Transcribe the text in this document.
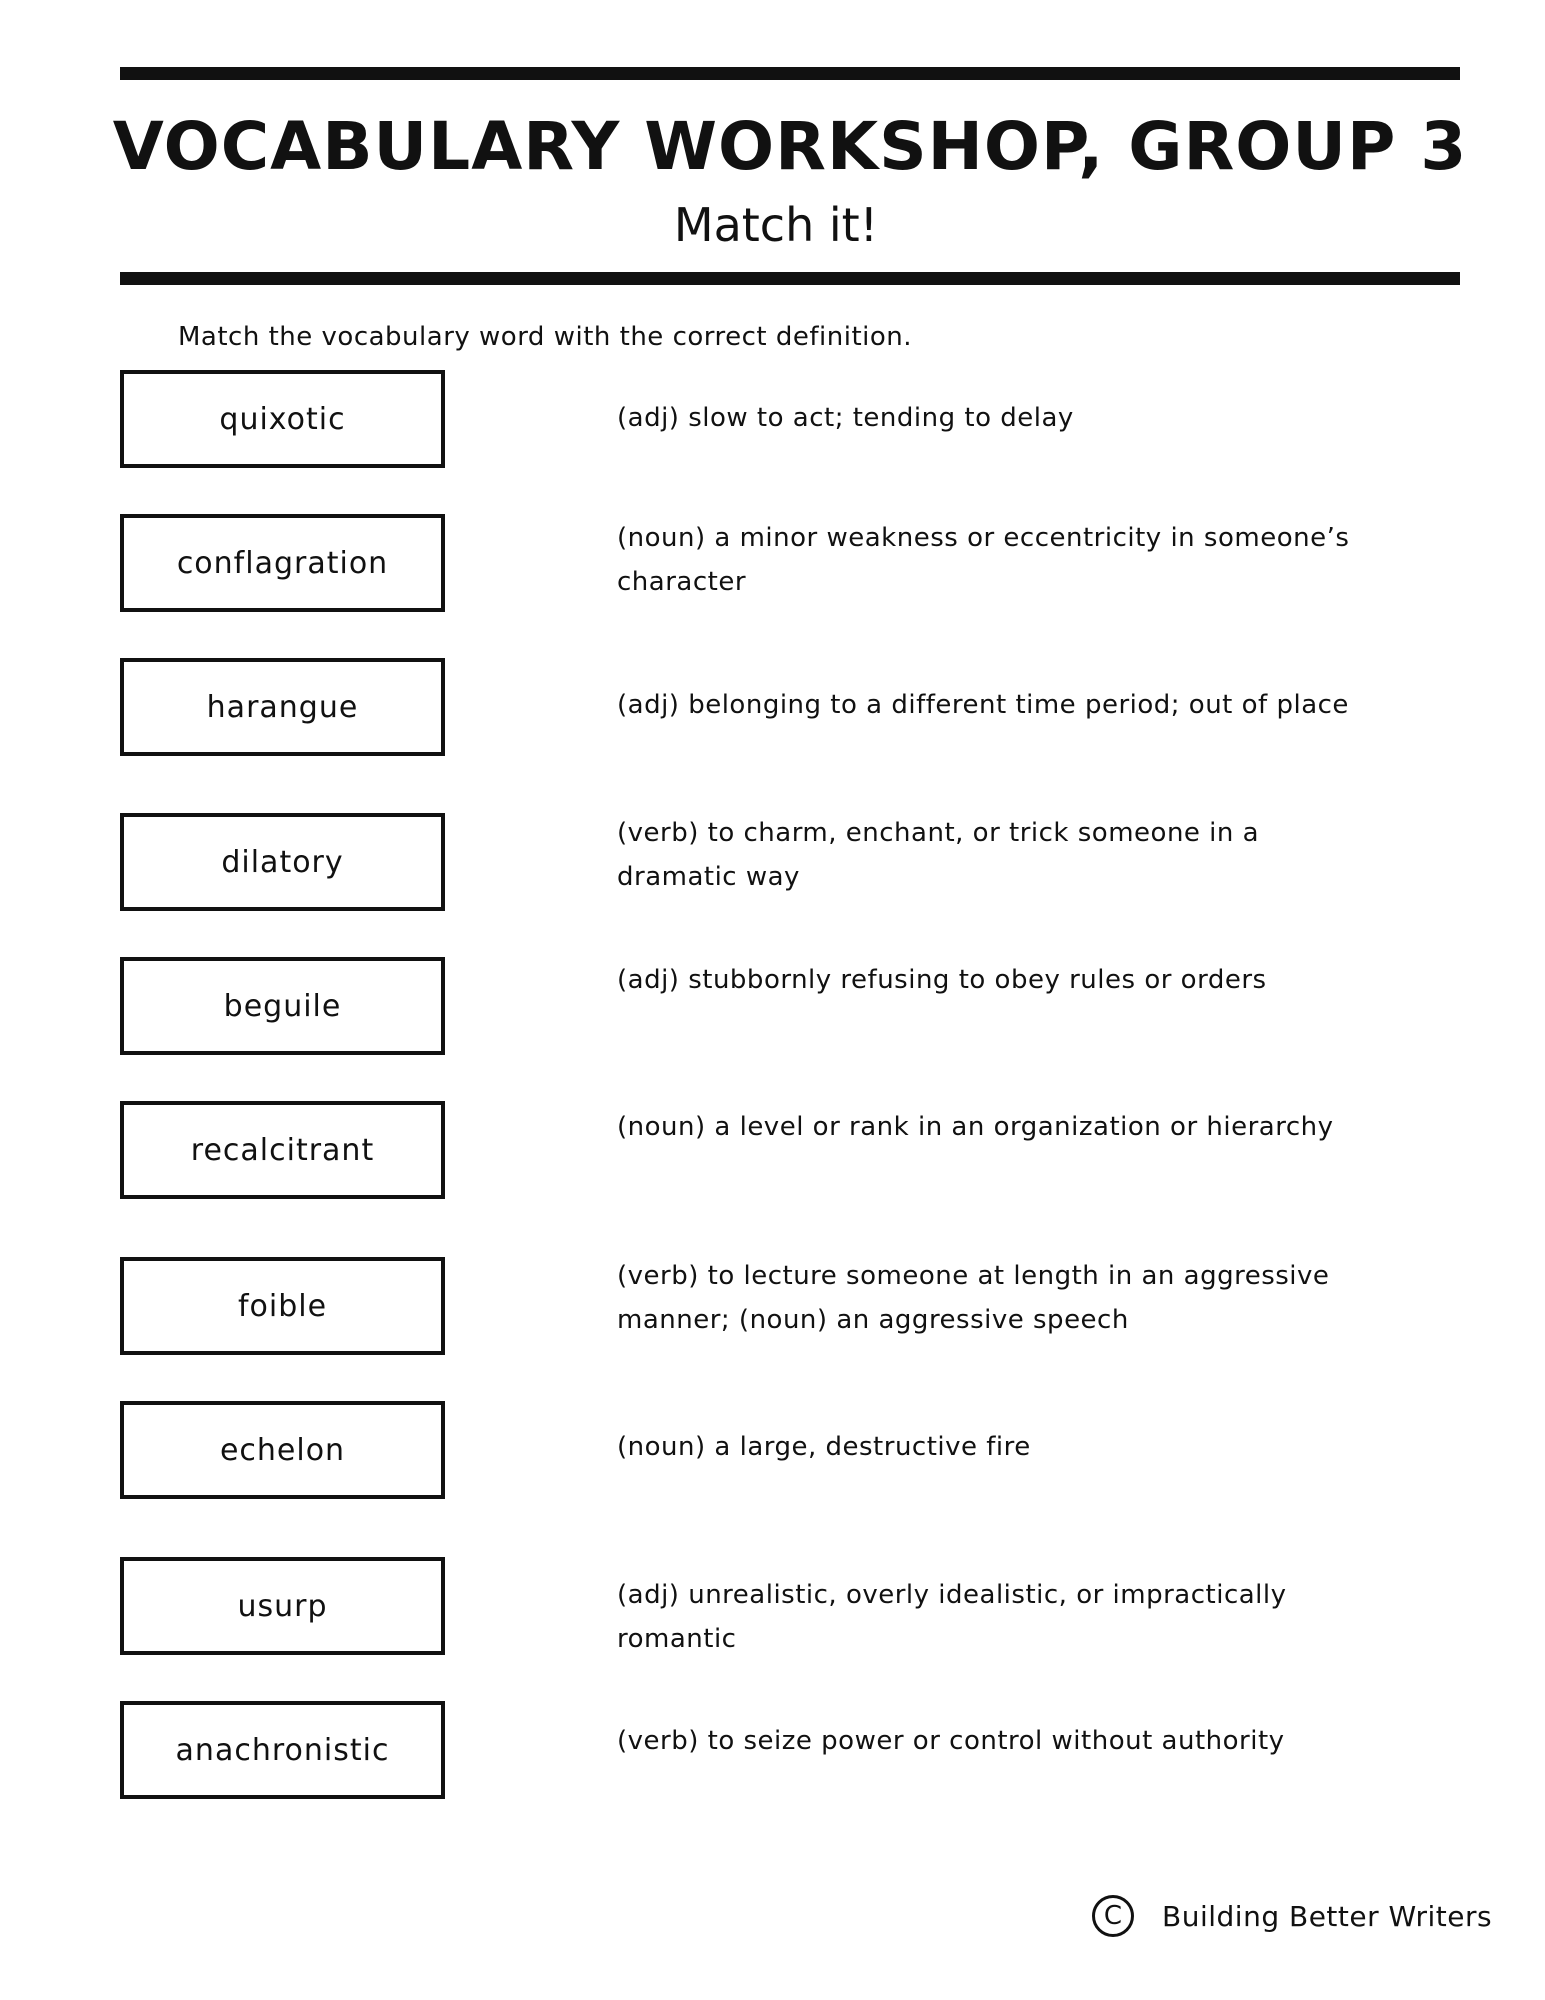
VOCABULARY WORKSHOP, GROUP 3
Match it!
Match the vocabulary word with the correct definition.
quixotic
conflagration
harangue
dilatory
beguile
recalcitrant
foible
echelon
usurp
anachronistic
(adj) slow to act; tending to delay
(noun) a minor weakness or eccentricity in someone’s character
(adj) belonging to a different time period; out of place
(verb) to charm, enchant, or trick someone in a dramatic way
(adj) stubbornly refusing to obey rules or orders
(noun) a level or rank in an organization or hierarchy
(verb) to lecture someone at length in an aggressive manner; (noun) an aggressive speech
(noun) a large, destructive fire
(adj) unrealistic, overly idealistic, or impractically romantic
(verb) to seize power or control without authority
C	Building Better Writers
